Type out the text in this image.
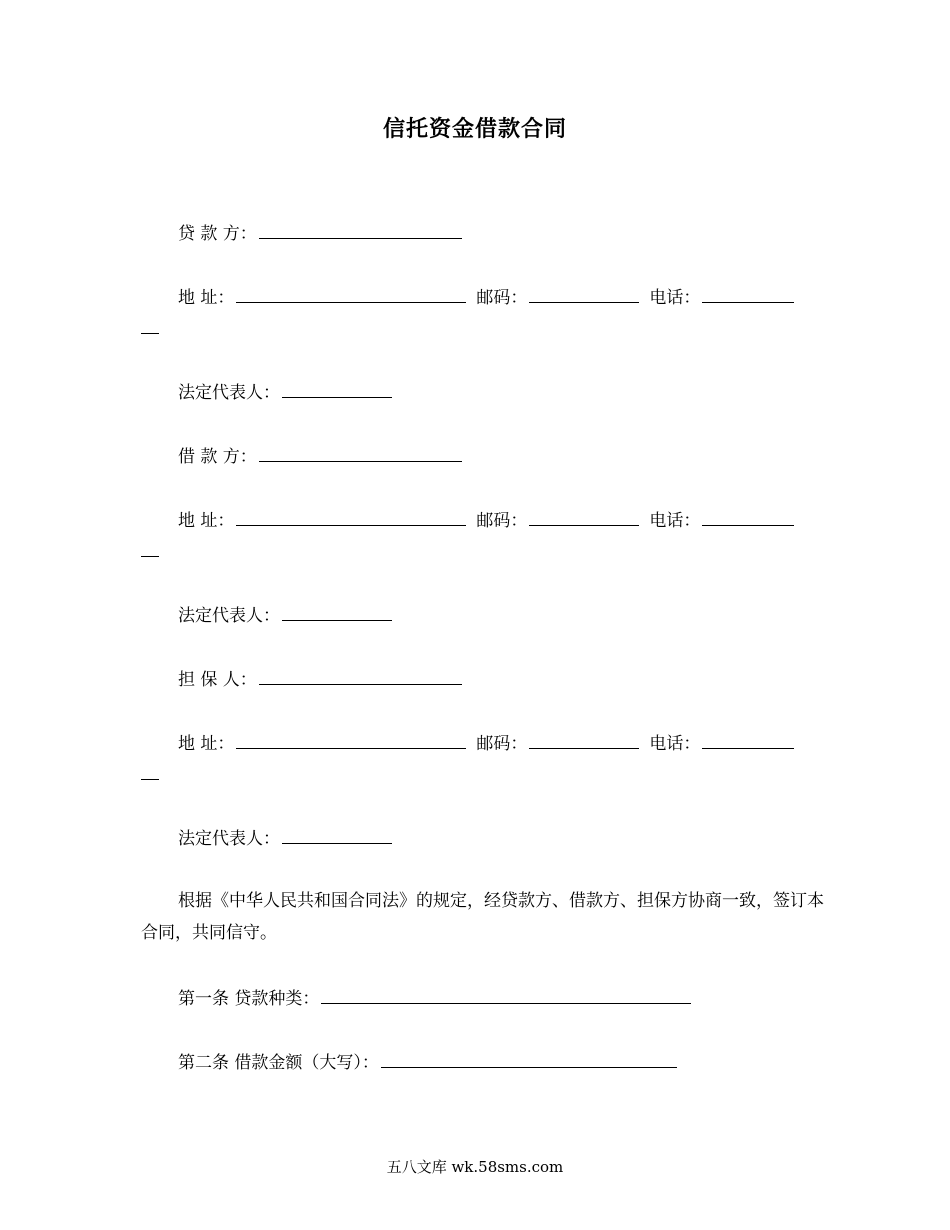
信托资金借款合同
贷 款 方：
地 址：	邮码：	电话：
法定代表人：
借 款 方：
地 址：	邮码：	电话：
法定代表人：
担 保 人：
地 址：	邮码：	电话：
法定代表人：
根据《中华人民共和国合同法》的规定，经贷款方、借款方、担保方协商一致，签订本合同，共同信守。
第一条 贷款种类：
第二条 借款金额（大写）：
五八文库 wk.58sms.com
